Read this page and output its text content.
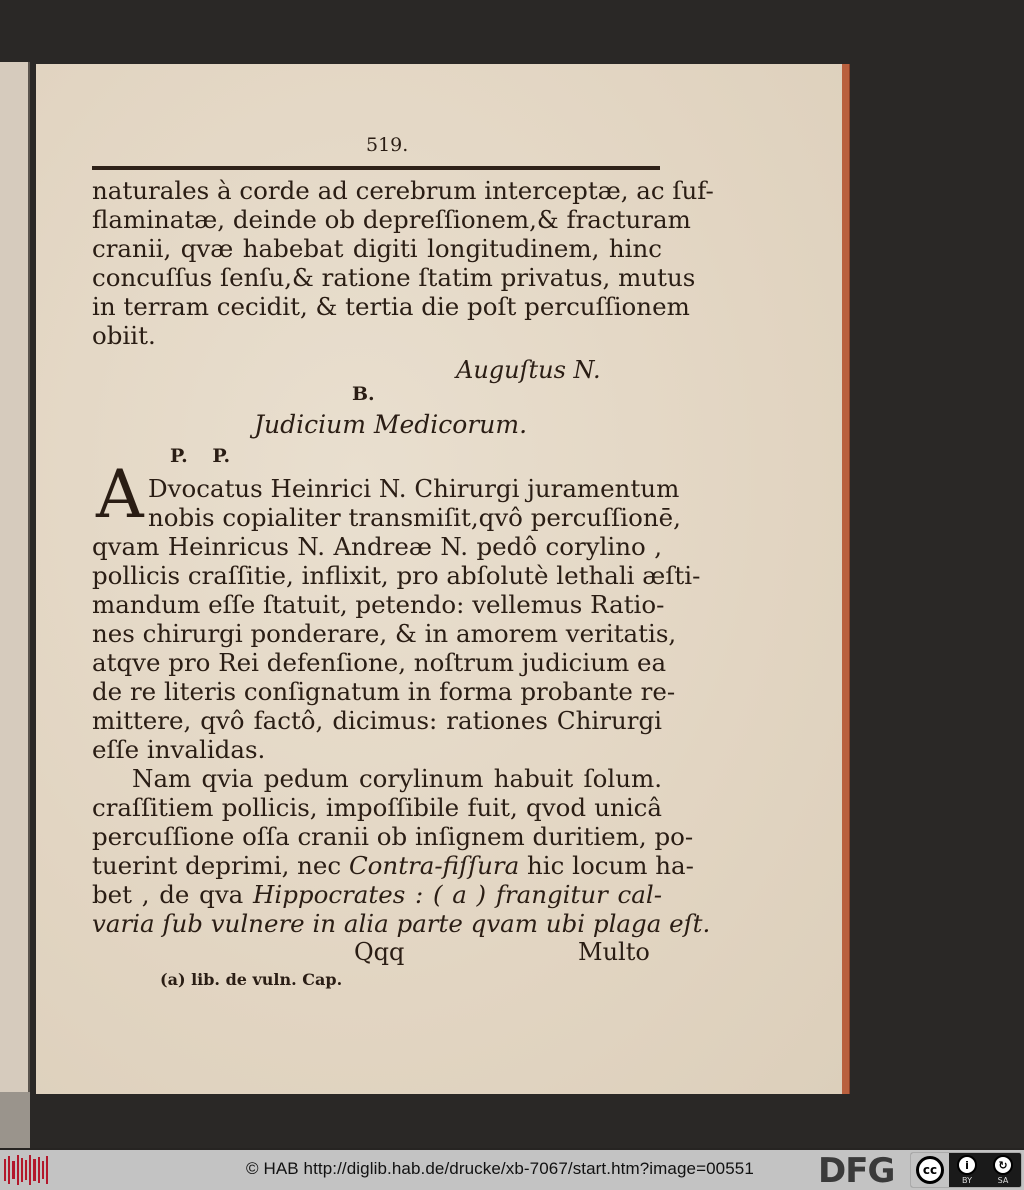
519.
naturales à corde ad cerebrum interceptæ, ac ſuf-
flaminatæ, deinde ob depreſſionem,& fracturam
cranii, qvæ habebat digiti longitudinem, hinc
concuſſus ſenſu,& ratione ſtatim privatus, mutus
in terram cecidit, & tertia die poſt percuſſionem
obiit.
Auguſtus N.
B.
Judicium Medicorum.
P. P.
A Dvocatus Heinrici N. Chirurgi juramentum
nobis copialiter transmiſit,qvô percuſſionē,
qvam Heinricus N. Andreæ N. pedô corylino ,
pollicis craſſitie, inflixit, pro abſolutè lethali æſti-
mandum eſſe ſtatuit, petendo: vellemus Ratio-
nes chirurgi ponderare, & in amorem veritatis,
atqve pro Rei defenſione, noſtrum judicium ea
de re literis conſignatum in forma probante re-
mittere, qvô factô, dicimus: rationes Chirurgi
eſſe invalidas.
Nam qvia pedum corylinum habuit ſolum.
craſſitiem pollicis, impoſſibile fuit, qvod unicâ
percuſſione oſſa cranii ob inſignem duritiem, po-
tuerint deprimi, nec Contra-fiſſura hic locum ha-
bet , de qva Hippocrates : ( a ) frangitur cal-
varia ſub vulnere in alia parte qvam ubi plaga eſt.
Qqq	Multo
(a) lib. de vuln. Cap.
© HAB http://diglib.hab.de/drucke/xb-7067/start.htm?image=00551 DFG	cc	i
BY
↻
SA
